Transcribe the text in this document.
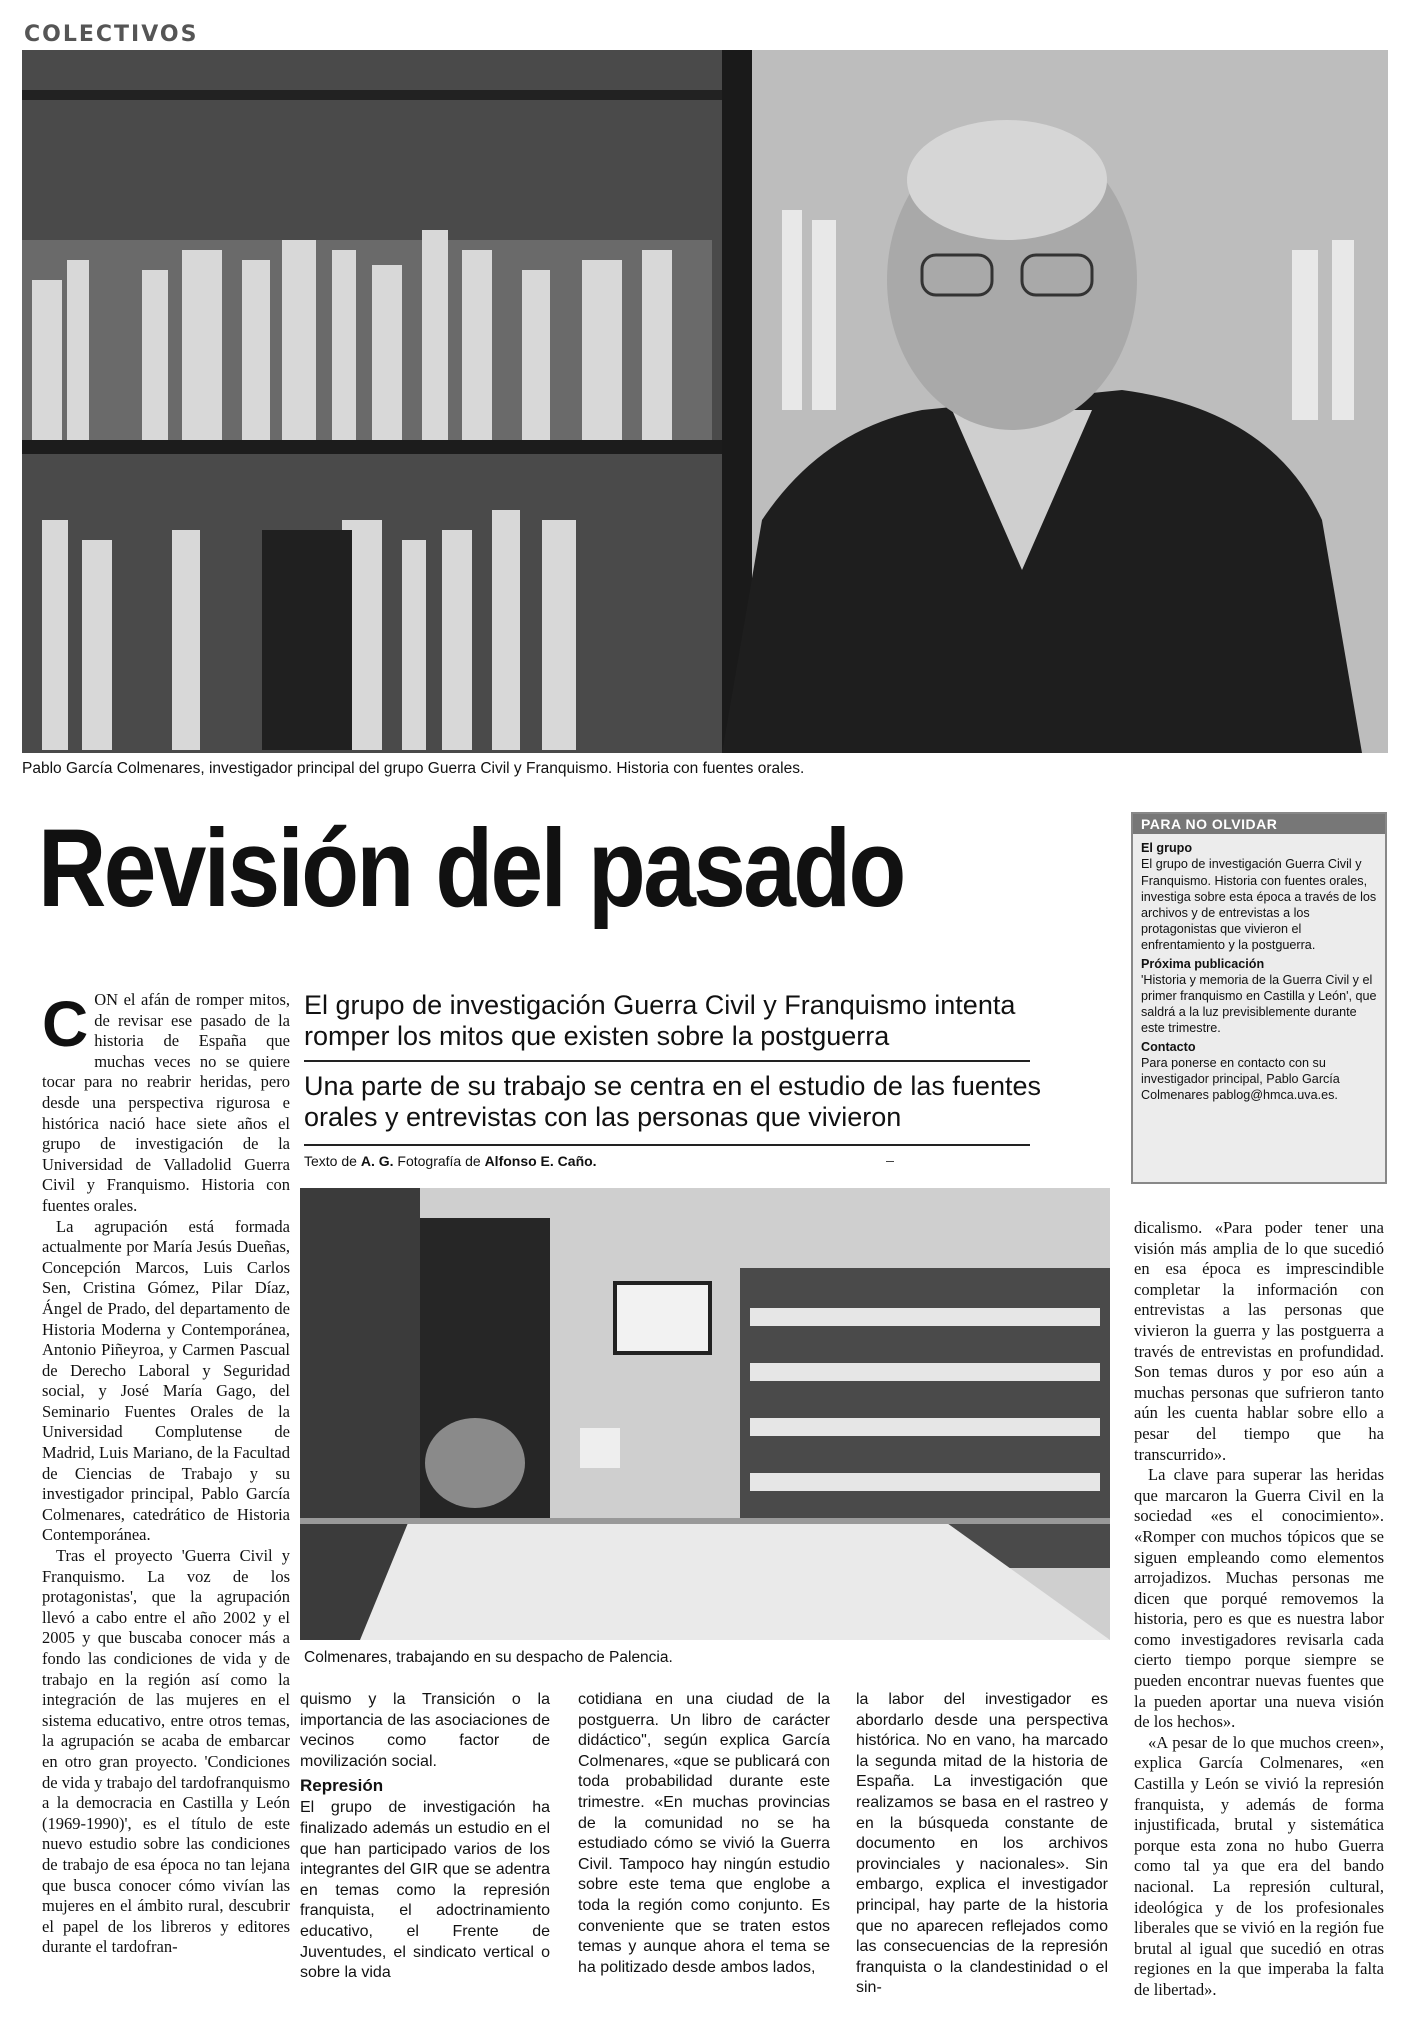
COLECTIVOS
Pablo García Colmenares, investigador principal del grupo Guerra Civil y Franquismo. Historia con fuentes orales.
Revisión del pasado	PARA NO OLVIDAR
El grupo

El grupo de investigación Guerra Civil y Franquismo. Historia con fuentes orales, investiga sobre esta época a través de los archivos y de entrevistas a los protagonistas que vivieron el enfrentamiento y la postguerra.

Próxima publicación

'Historia y memoria de la Guerra Civil y el primer franquismo en Castilla y León', que saldrá a la luz previsiblemente durante este trimestre.

Contacto

Para ponerse en contacto con su investigador principal, Pablo García Colmenares pablog@hmca.uva.es.

CON el afán de romper mitos, de revisar ese pasado de la historia de España que muchas veces no se quiere tocar para no reabrir heridas, pero desde una perspectiva rigurosa e histórica nació hace siete años el grupo de investigación de la Universidad de Valladolid Guerra Civil y Franquismo. Historia con fuentes orales.

La agrupación está formada actualmente por María Jesús Dueñas, Concepción Marcos, Luis Carlos Sen, Cristina Gómez, Pilar Díaz, Ángel de Prado, del departamento de Historia Moderna y Contemporánea, Antonio Piñeyroa, y Carmen Pascual de Derecho Laboral y Seguridad social, y José María Gago, del Seminario Fuentes Orales de la Universidad Complutense de Madrid, Luis Mariano, de la Facultad de Ciencias de Trabajo y su investigador principal, Pablo García Colmenares, catedrático de Historia Contemporánea.

Tras el proyecto 'Guerra Civil y Franquismo. La voz de los protagonistas', que la agrupación llevó a cabo entre el año 2002 y el 2005 y que buscaba conocer más a fondo las condiciones de vida y de trabajo en la región así como la integración de las mujeres en el sistema educativo, entre otros temas, la agrupación se acaba de embarcar en otro gran proyecto. 'Condiciones de vida y trabajo del tardofranquismo a la democracia en Castilla y León (1969-1990)', es el título de este nuevo estudio sobre las condiciones de trabajo de esa época no tan lejana que busca conocer cómo vivían las mujeres en el ámbito rural, descubrir el papel de los libreros y editores durante el tardofran-

El grupo de investigación Guerra Civil y Franquismo intenta romper los mitos que existen sobre la postguerra
Una parte de su trabajo se centra en el estudio de las fuentes orales y entrevistas con las personas que vivieron
Texto de A. G. Fotografía de Alfonso E. Caño.
Colmenares, trabajando en su despacho de Palencia.

quismo y la Transición o la importancia de las asociaciones de vecinos como factor de movilización social.

Represión

El grupo de investigación ha finalizado además un estudio en el que han participado varios de los integrantes del GIR que se adentra en temas como la represión franquista, el adoctrinamiento educativo, el Frente de Juventudes, el sindicato vertical o sobre la vida

cotidiana en una ciudad de la postguerra. Un libro de carácter didáctico", según explica García Colmenares, «que se publicará con toda probabilidad durante este trimestre. «En muchas provincias de la comunidad no se ha estudiado cómo se vivió la Guerra Civil. Tampoco hay ningún estudio sobre este tema que englobe a toda la región como conjunto. Es conveniente que se traten estos temas y aunque ahora el tema se ha politizado desde ambos lados,

la labor del investigador es abordarlo desde una perspectiva histórica. No en vano, ha marcado la segunda mitad de la historia de España. La investigación que realizamos se basa en el rastreo y en la búsqueda constante de documento en los archivos provinciales y nacionales». Sin embargo, explica el investigador principal, hay parte de la historia que no aparecen reflejados como las consecuencias de la represión franquista o la clandestinidad o el sin-

dicalismo. «Para poder tener una visión más amplia de lo que sucedió en esa época es imprescindible completar la información con entrevistas a las personas que vivieron la guerra y las postguerra a través de entrevistas en profundidad. Son temas duros y por eso aún a muchas personas que sufrieron tanto aún les cuenta hablar sobre ello a pesar del tiempo que ha transcurrido».

La clave para superar las heridas que marcaron la Guerra Civil en la sociedad «es el conocimiento». «Romper con muchos tópicos que se siguen empleando como elementos arrojadizos. Muchas personas me dicen que porqué removemos la historia, pero es que es nuestra labor como investigadores revisarla cada cierto tiempo porque siempre se pueden encontrar nuevas fuentes que la pueden aportar una nueva visión de los hechos».

«A pesar de lo que muchos creen», explica García Colmenares, «en Castilla y León se vivió la represión franquista, y además de forma injustificada, brutal y sistemática porque esta zona no hubo Guerra como tal ya que era del bando nacional. La represión cultural, ideológica y de los profesionales liberales que se vivió en la región fue brutal al igual que sucedió en otras regiones en la que imperaba la falta de libertad».
